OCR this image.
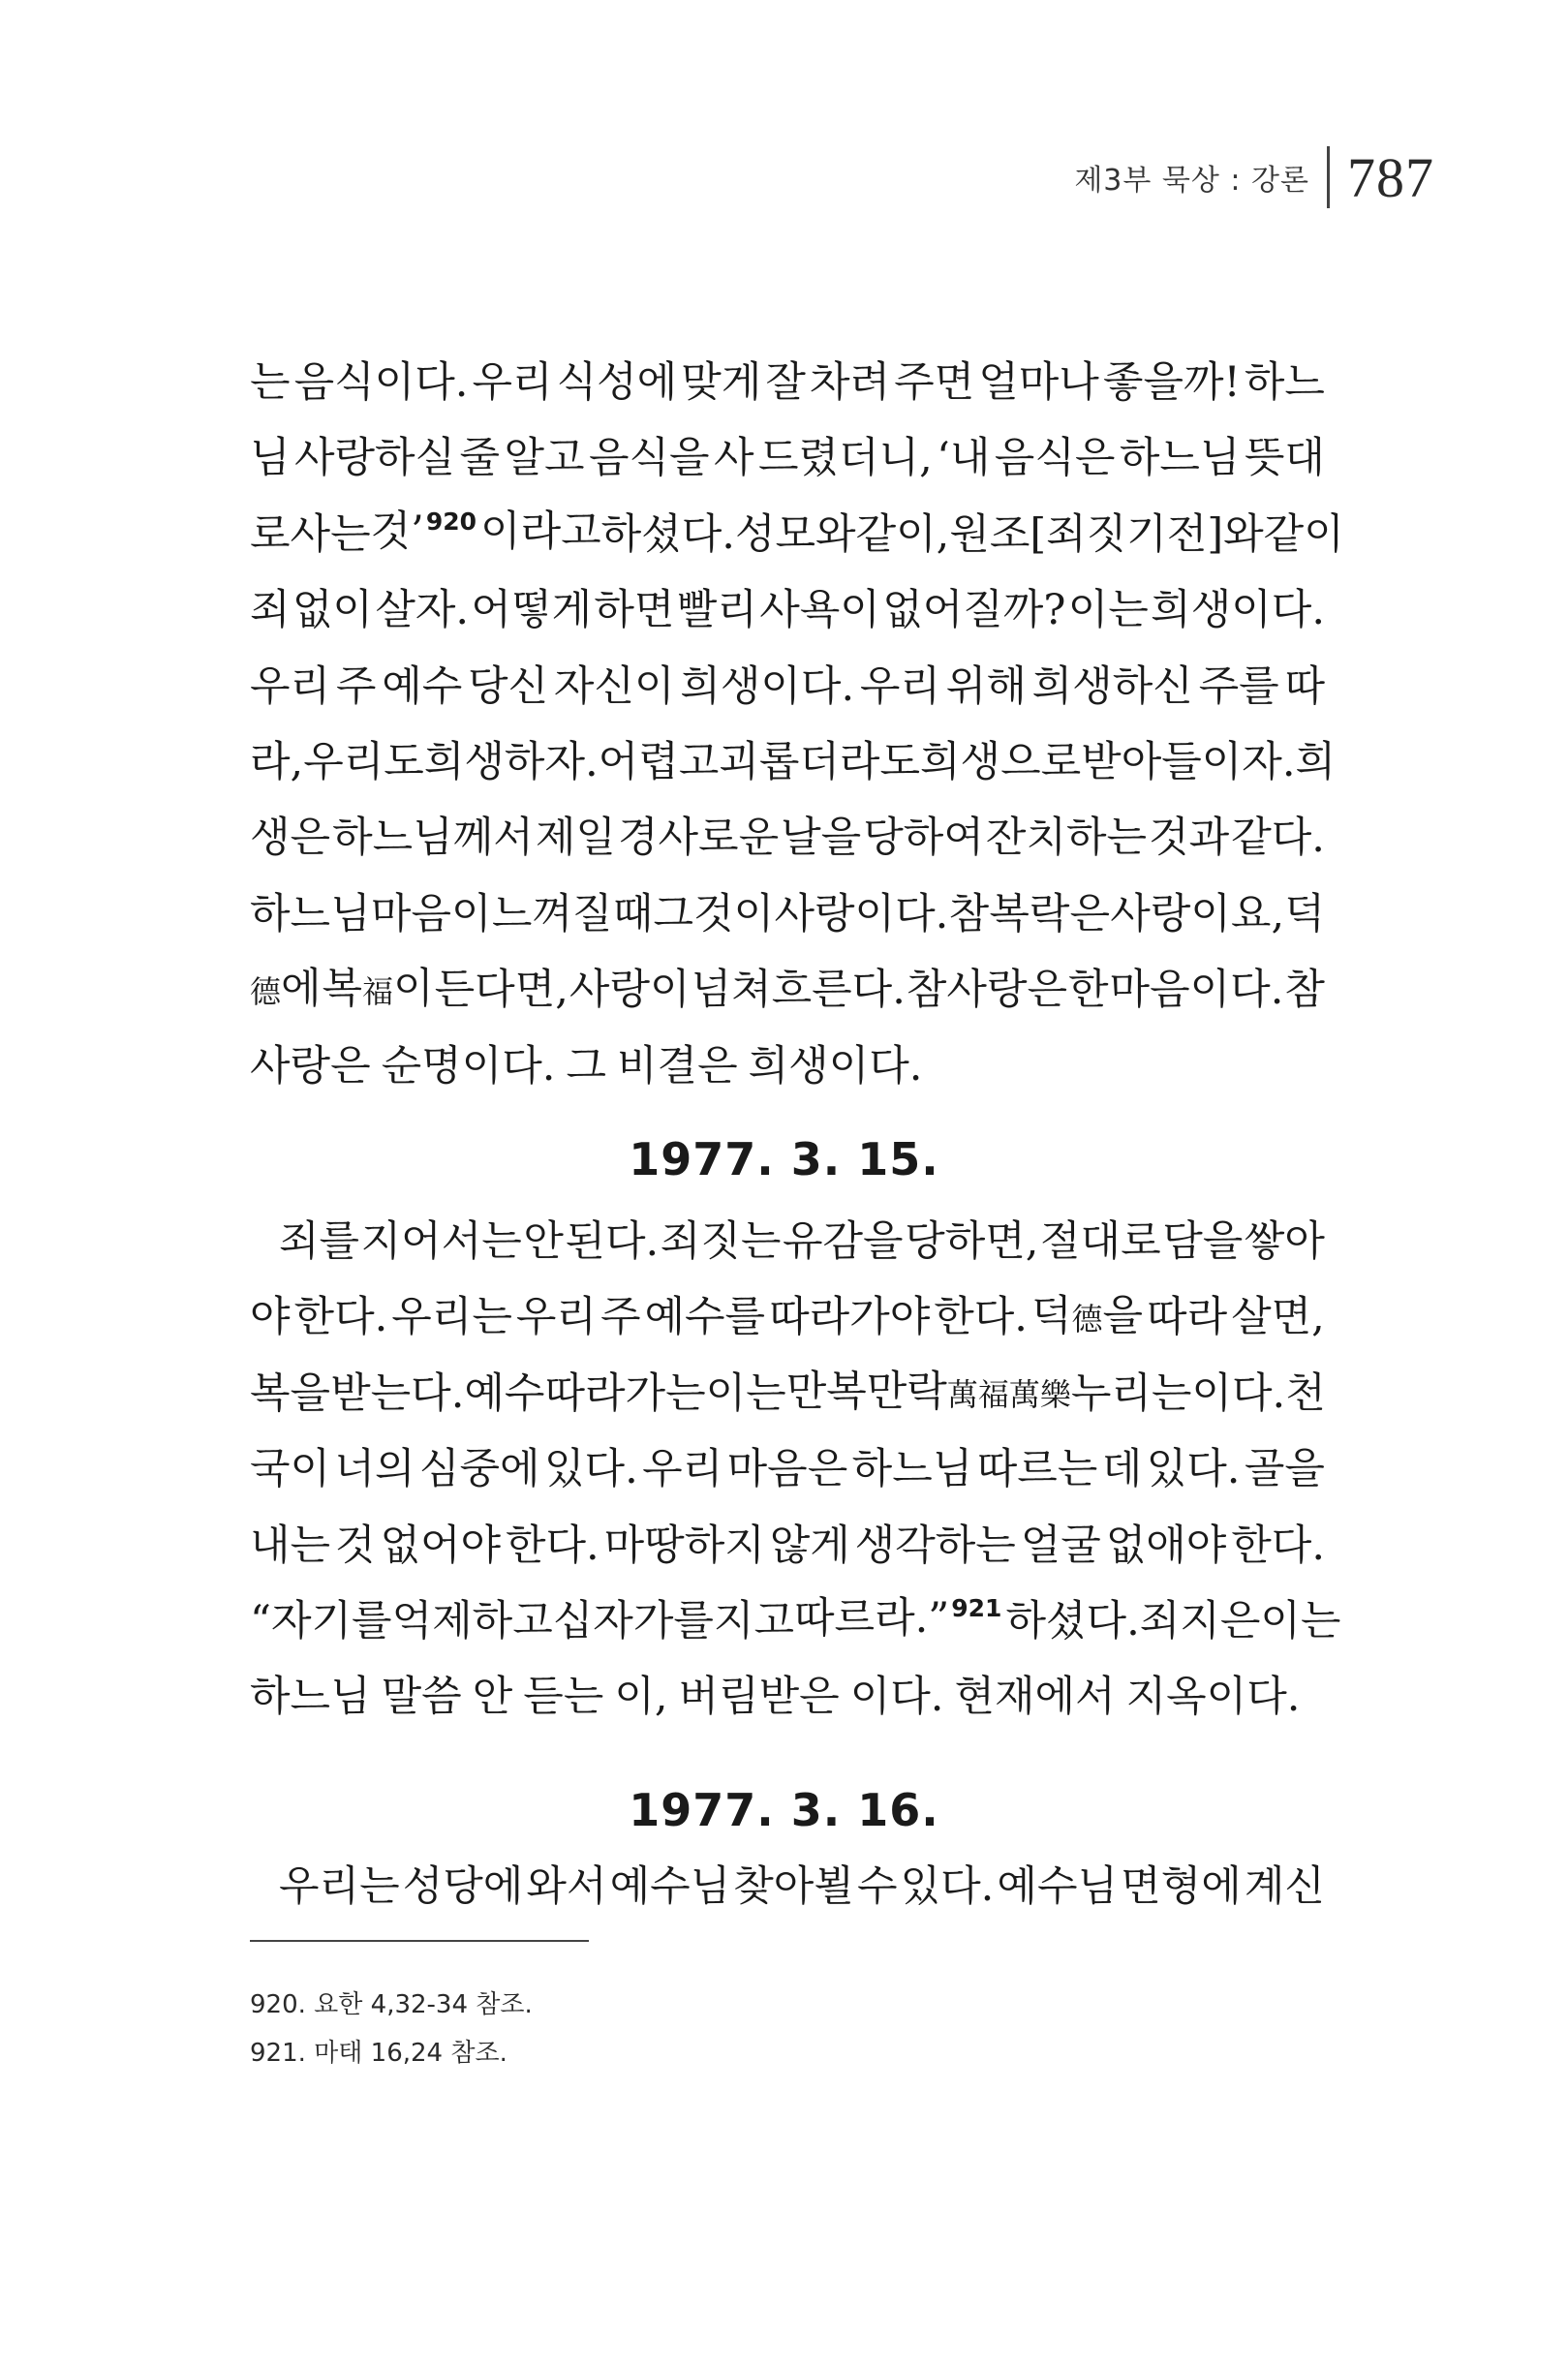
제3부 묵상 : 강론 787
는 음식이다. 우리 식성에 맞게 잘 차려 주면 얼마나 좋을까! 하느
님 사랑하실 줄 알고 음식을 사 드렸더니, ‘내 음식은 하느님 뜻대
로 사는 것’$^{920}$이라고 하셨다. 성모와 같이, 원조[죄짓기 전]와 같이
죄 없이 살자. 어떻게 하면 빨리 사욕이 없어질까? 이는 희생이다.
우리 주 예수 당신 자신이 희생이다. 우리 위해 희생하신 주를 따
라, 우리도 희생하자. 어렵고 괴롭더라도 희생으로 받아들이자. 희
생은 하느님께서 제일 경사로운 날을 당하여 잔치하는 것과 같다.
하느님 마음이 느껴질 때 그것이 사랑이다. 참 복락은 사랑이요, 덕
德에 복福이 든다면, 사랑이 넘쳐흐른다. 참사랑은 한 마음이다. 참
사랑은 순명이다. 그 비결은 희생이다.
1977. 3. 15.
죄를 지어서는 안 된다. 죄짓는 유감을 당하면, 절대로 담을 쌓아
야 한다. 우리는 우리 주 예수를 따라가야 한다. 덕德을 따라 살면,
복을 받는다. 예수 따라가는 이는 만복만락萬福萬樂 누리는 이다. 천
국이 너의 심중에 있다. 우리 마음은 하느님 따르는 데 있다. 골을
내는 것 없어야 한다. 마땅하지 않게 생각하는 얼굴 없애야 한다.
“자기를 억제하고 십자가를 지고 따르라.”$^{921}$ 하셨다. 죄지은 이는
하느님 말씀 안 듣는 이, 버림받은 이다. 현재에서 지옥이다.
1977. 3. 16.
우리는 성당에 와서 예수님 찾아뵐 수 있다. 예수님 면형에 계신
920. 요한 4,32-34 참조.
921. 마태 16,24 참조.
